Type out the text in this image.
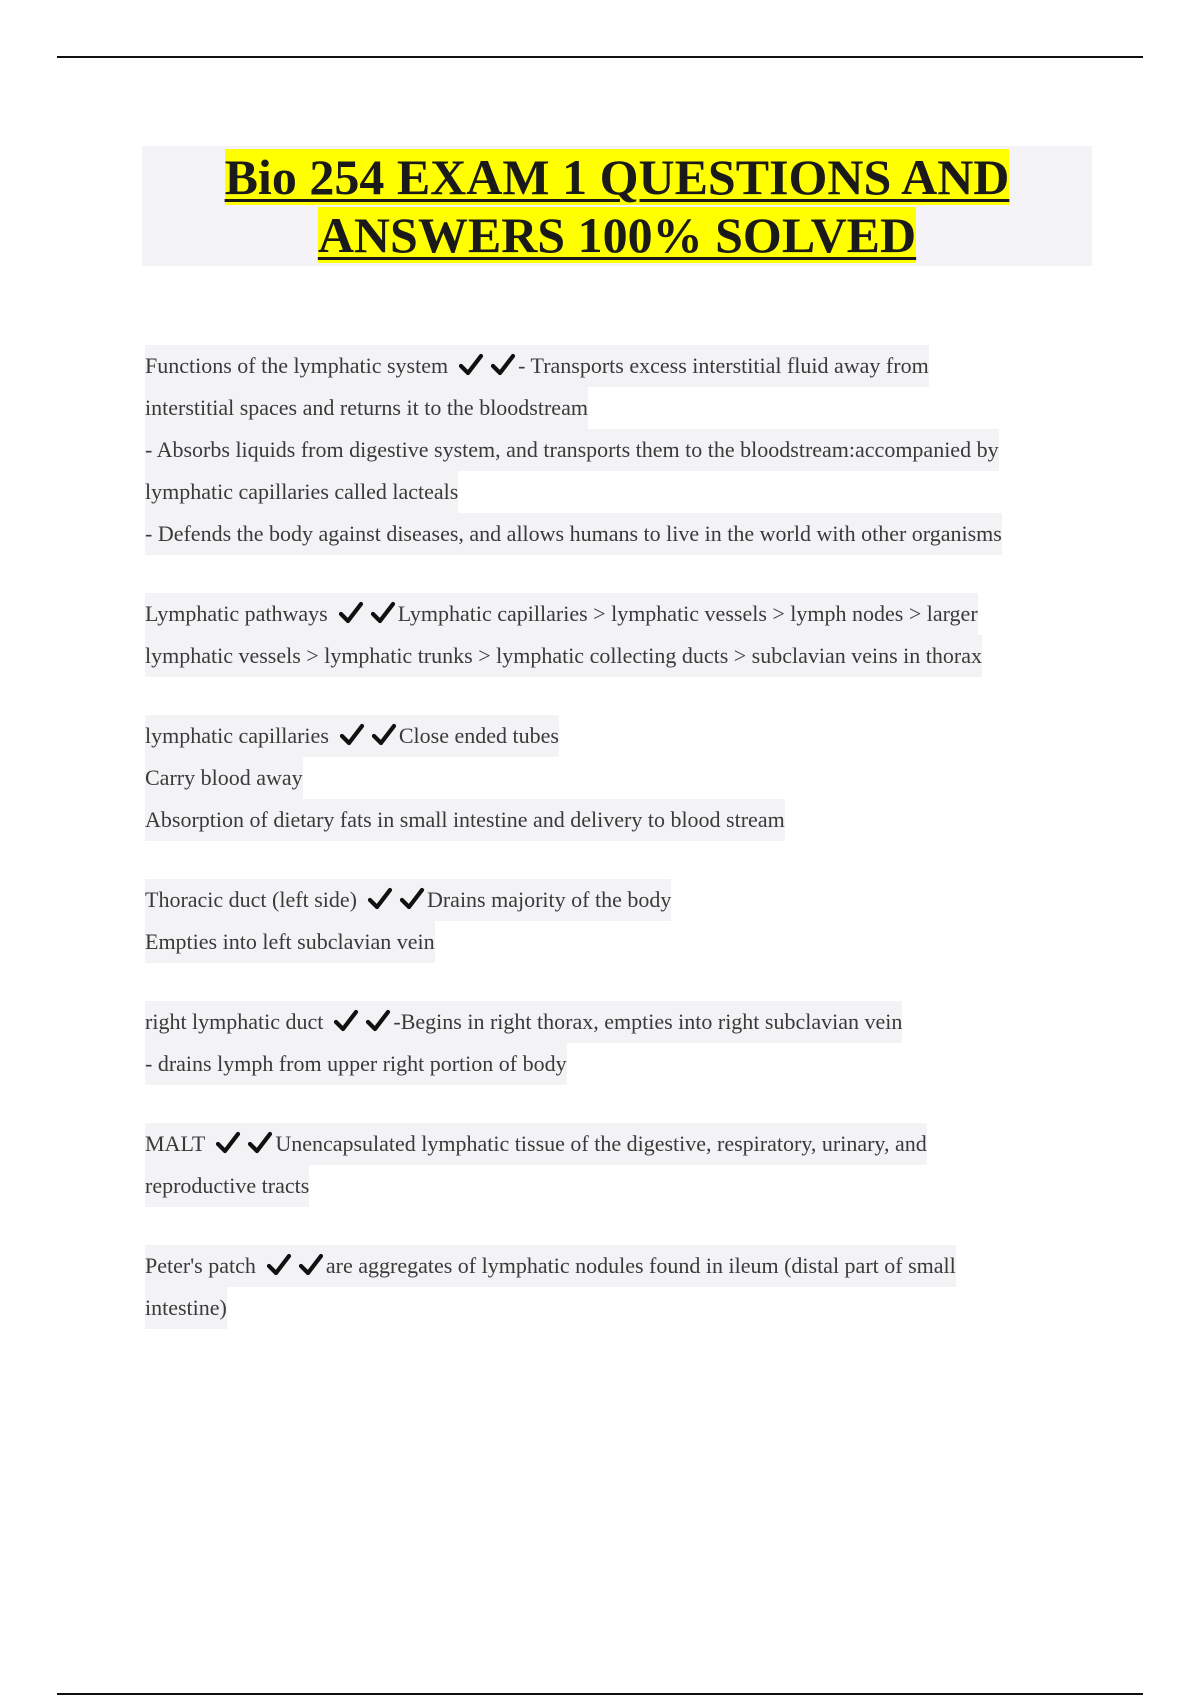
Bio 254 EXAM 1 QUESTIONS AND
ANSWERS 100% SOLVED
Functions of the lymphatic system	- Transports excess interstitial fluid away from
interstitial spaces and returns it to the bloodstream
- Absorbs liquids from digestive system, and transports them to the bloodstream:accompanied by
lymphatic capillaries called lacteals
- Defends the body against diseases, and allows humans to live in the world with other organisms
Lymphatic pathways	Lymphatic capillaries > lymphatic vessels > lymph nodes > larger
lymphatic vessels > lymphatic trunks > lymphatic collecting ducts > subclavian veins in thorax
lymphatic capillaries	Close ended tubes
Carry blood away
Absorption of dietary fats in small intestine and delivery to blood stream
Thoracic duct (left side)	Drains majority of the body
Empties into left subclavian vein
right lymphatic duct	-Begins in right thorax, empties into right subclavian vein
- drains lymph from upper right portion of body
MALT	Unencapsulated lymphatic tissue of the digestive, respiratory, urinary, and
reproductive tracts
Peter's patch	are aggregates of lymphatic nodules found in ileum (distal part of small
intestine)
